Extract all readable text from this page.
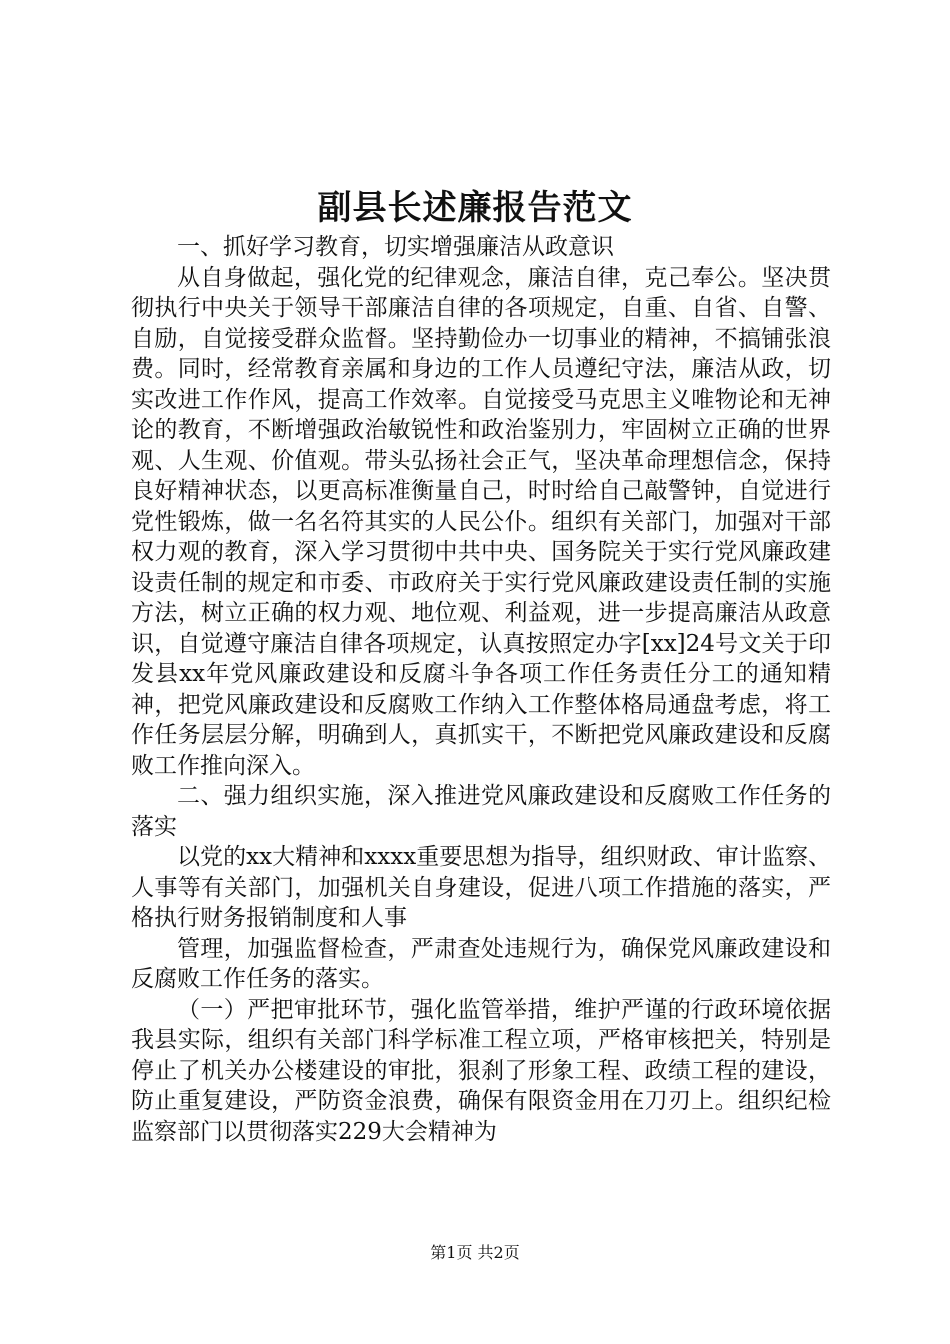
副县长述廉报告范文

一、抓好学习教育，切实增强廉洁从政意识

从自身做起，强化党的纪律观念，廉洁自律，克己奉公。坚决贯彻执行中央关于领导干部廉洁自律的各项规定，自重、自省、自警、自励，自觉接受群众监督。坚持勤俭办一切事业的精神，不搞铺张浪费。同时，经常教育亲属和身边的工作人员遵纪守法，廉洁从政，切实改进工作作风，提高工作效率。自觉接受马克思主义唯物论和无神论的教育，不断增强政治敏锐性和政治鉴别力，牢固树立正确的世界观、人生观、价值观。带头弘扬社会正气，坚决革命理想信念，保持良好精神状态，以更高标准衡量自己，时时给自己敲警钟，自觉进行党性锻炼，做一名名符其实的人民公仆。组织有关部门，加强对干部权力观的教育，深入学习贯彻中共中央、国务院关于实行党风廉政建设责任制的规定和市委、市政府关于实行党风廉政建设责任制的实施方法，树立正确的权力观、地位观、利益观，进一步提高廉洁从政意识，自觉遵守廉洁自律各项规定，认真按照定办字[xx]24号文关于印发县xx年党风廉政建设和反腐斗争各项工作任务责任分工的通知精神，把党风廉政建设和反腐败工作纳入工作整体格局通盘考虑，将工作任务层层分解，明确到人，真抓实干，不断把党风廉政建设和反腐败工作推向深入。

二、强力组织实施，深入推进党风廉政建设和反腐败工作任务的落实

以党的xx大精神和xxxx重要思想为指导，组织财政、审计监察、人事等有关部门，加强机关自身建设，促进八项工作措施的落实，严格执行财务报销制度和人事

管理，加强监督检查，严肃查处违规行为，确保党风廉政建设和反腐败工作任务的落实。

（一）严把审批环节，强化监管举措，维护严谨的行政环境依据我县实际，组织有关部门科学标准工程立项，严格审核把关，特别是停止了机关办公楼建设的审批，狠刹了形象工程、政绩工程的建设，防止重复建设，严防资金浪费，确保有限资金用在刀刃上。组织纪检监察部门以贯彻落实229大会精神为

第1页 共2页
